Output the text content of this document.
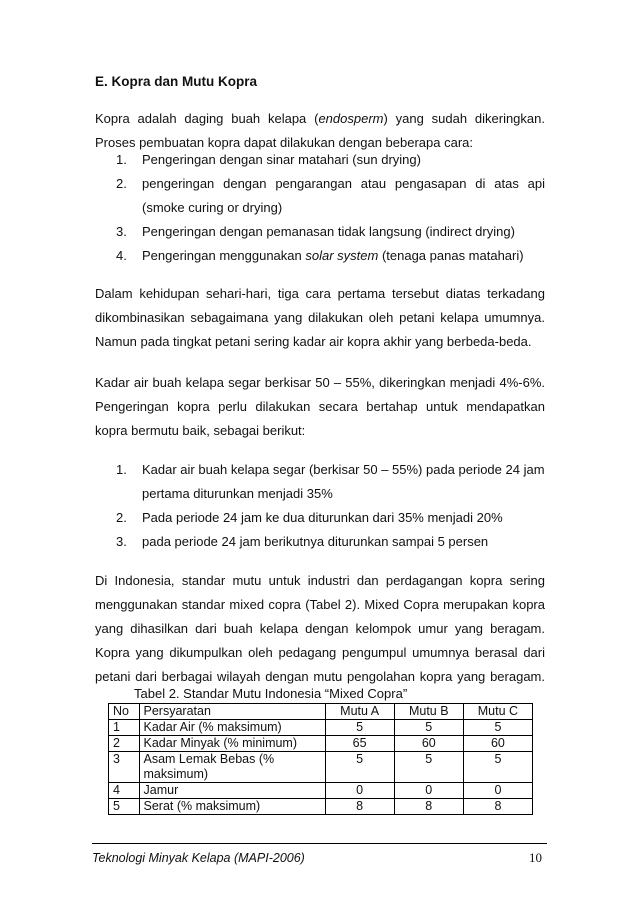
E. Kopra dan Mutu Kopra
Kopra adalah daging buah kelapa (endosperm) yang sudah dikeringkan.
Proses pembuatan kopra dapat dilakukan dengan beberapa cara:
1.	Pengeringan dengan sinar matahari (sun drying)
2.	pengeringan dengan pengarangan atau pengasapan di atas api
(smoke curing or drying)
3.	Pengeringan dengan pemanasan tidak langsung (indirect drying)
4.	Pengeringan menggunakan solar system (tenaga panas matahari)
Dalam kehidupan sehari-hari, tiga cara pertama tersebut diatas terkadang
dikombinasikan sebagaimana yang dilakukan oleh petani kelapa umumnya.
Namun pada tingkat petani sering kadar air kopra akhir yang berbeda-beda.
Kadar air buah kelapa segar berkisar 50 – 55%, dikeringkan menjadi 4%-6%.
Pengeringan kopra perlu dilakukan secara bertahap untuk mendapatkan
kopra bermutu baik, sebagai berikut:
1.	Kadar air buah kelapa segar (berkisar 50 – 55%) pada periode 24 jam
pertama diturunkan menjadi 35%
2.	Pada periode 24 jam ke dua diturunkan dari 35% menjadi 20%
3.	pada periode 24 jam berikutnya diturunkan sampai 5 persen
Di Indonesia, standar mutu untuk industri dan perdagangan kopra sering
menggunakan standar mixed copra (Tabel 2). Mixed Copra merupakan kopra
yang dihasilkan dari buah kelapa dengan kelompok umur yang beragam.
Kopra yang dikumpulkan oleh pedagang pengumpul umumnya berasal dari
petani dari berbagai wilayah dengan mutu pengolahan kopra yang beragam.
Tabel 2. Standar Mutu Indonesia “Mixed Copra”
No	Persyaratan	Mutu A	Mutu B	Mutu C
1	Kadar Air (% maksimum)	5	5	5
2	Kadar Minyak (% minimum)	65	60	60
3	Asam Lemak Bebas (% maksimum)	5	5	5
4	Jamur	0	0	0
5	Serat (% maksimum)	8	8	8
Teknologi Minyak Kelapa (MAPI-2006)	10
